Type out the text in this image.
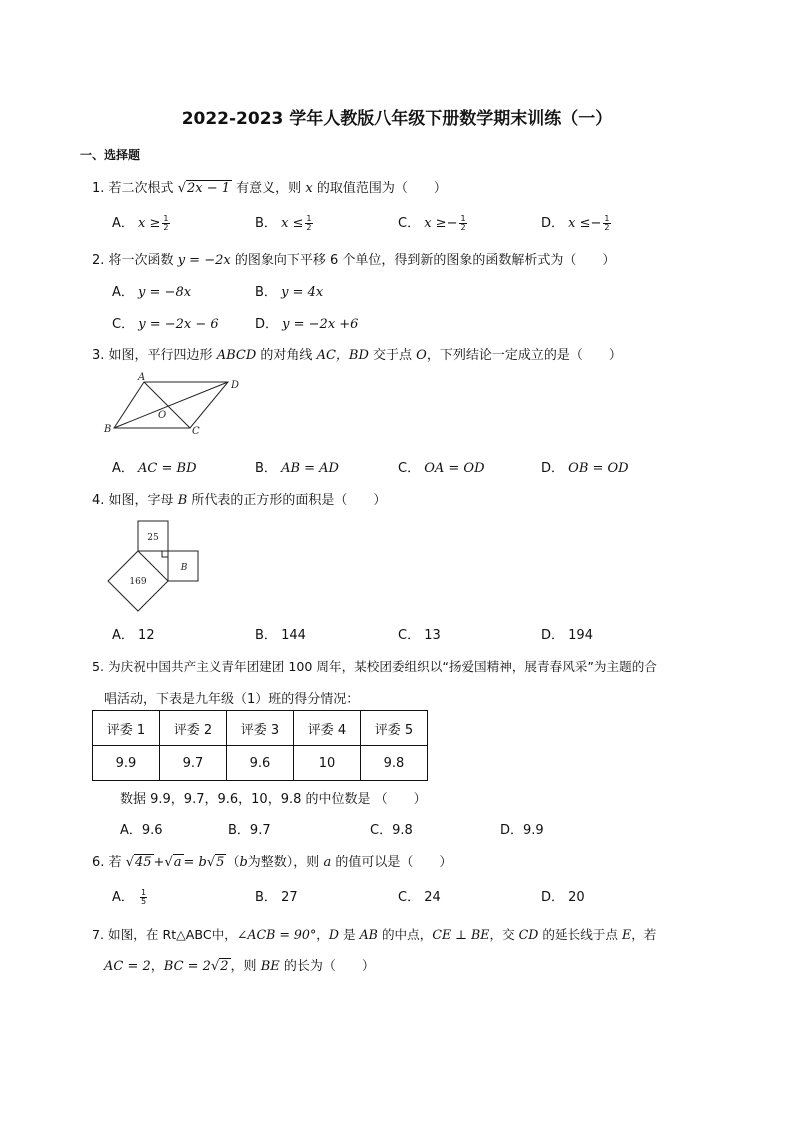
2022-2023 学年人教版八年级下册数学期末训练（一）
一、选择题
1. 若二次根式 √2x − 1 有意义，则 x 的取值范围为（　　）
A． $x \ge \frac{1}{2}$	B． $x \le \frac{1}{2}$	C． $x \ge- \frac{1}{2}$	D． $x \le- \frac{1}{2}$
2. 将一次函数 y = −2x 的图象向下平移 6 个单位，得到新的图象的函数解析式为（　　）
A． y = −8x	B． y = 4x
C． y = −2x − 6	D． y = −2x +6
3. 如图，平行四边形 ABCD 的对角线 AC，BD 交于点 O，下列结论一定成立的是（　　）
A
B	C
D
O
A． AC = BD	B． AB = AD	C． OA = OD	D． OB = OD
4. 如图，字母 B 所代表的正方形的面积是（　　）
25
169
B
A． 12	B． 144	C． 13	D． 194
5. 为庆祝中国共产主义青年团建团 100 周年，某校团委组织以“扬爱国精神，展青春风采”为主题的合
唱活动，下表是九年级（1）班的得分情况：
评委 1	评委 2	评委 3	评委 4	评委 5
9.9	9.7	9.6	10	9.8
数据 9.9，9.7，9.6，10，9.8 的中位数是 （　　）
A．9.6	B．9.7	C．9.8	D．9.9
6. 若 √45 +√a = b√5 （b为整数），则 a 的值可以是（　　）
A． $\frac{1}{5}$	B． 27	C． 24	D． 20
7. 如图，在 Rt△ABC中，∠ACB = 90°，D 是 AB 的中点，CE ⊥ BE，交 CD 的延长线于点 E，若
AC = 2，BC = 2√2 ，则 BE 的长为（　　）
